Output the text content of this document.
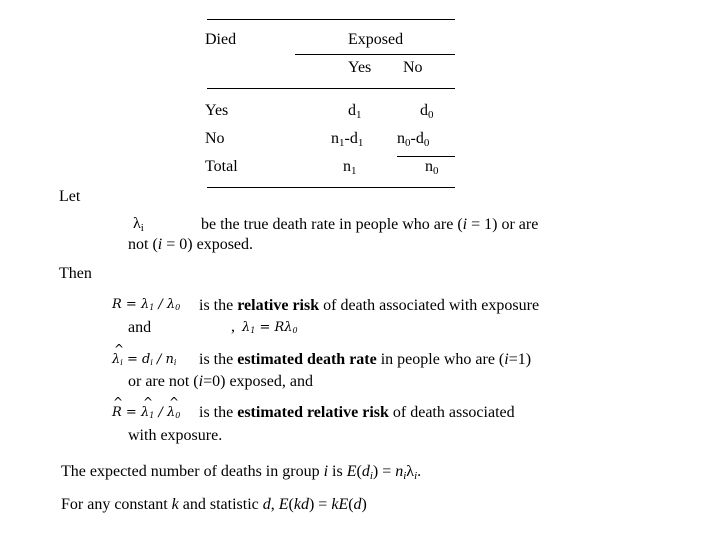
Died	Exposed
Yes No
Yes	$d_1$	$d_0$
No	$n_1-d_1$ $n_0-d_0$
Total	$n_1$	$n_0$
Let
$\lambda_i$	be the true death rate in people who are (i = 1) or are
not (i = 0) exposed.
Then
$R = \lambda_1 / \lambda_0$ is the relative risk of death associated with exposure
and	, $\lambda_1 = R\lambda_0$
λ
^
$_i = d_i / n_i$ is the estimated death rate in people who are (i=1)
or are not (i=0) exposed, and
R
^
= λ
^
$_1$ / λ
^
$_0$ is the estimated relative risk of death associated
with exposure.
The expected number of deaths in group i is $E(d_i) = n_i\lambda_i$.
For any constant k and statistic d, E(kd) = kE(d)
